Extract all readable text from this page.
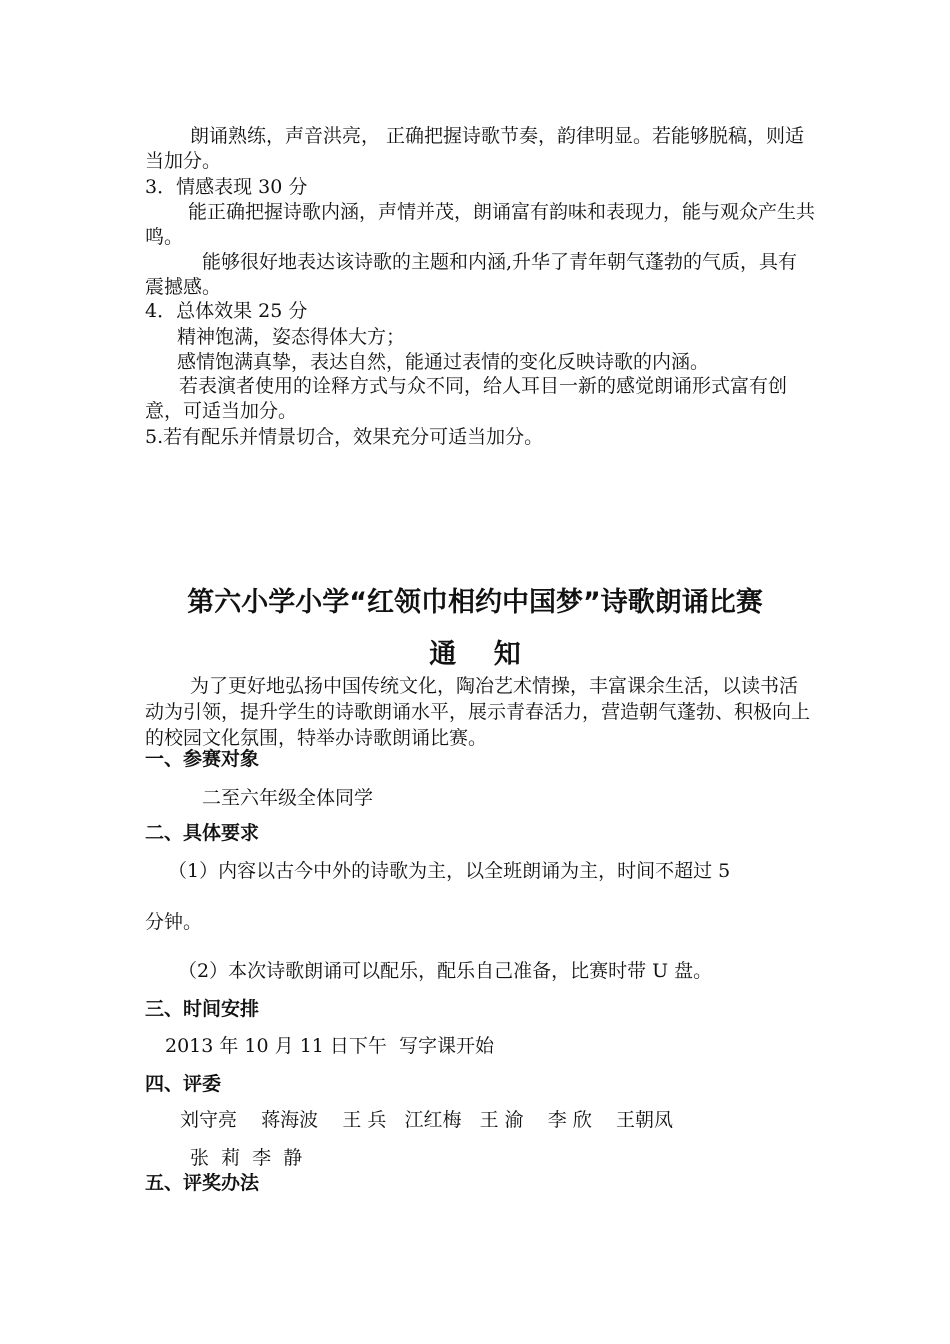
朗诵熟练，声音洪亮， 正确把握诗歌节奏，韵律明显。若能够脱稿，则适当加分。
3．情感表现 30 分
能正确把握诗歌内涵，声情并茂，朗诵富有韵味和表现力，能与观众产生共鸣。
能够很好地表达该诗歌的主题和内涵,升华了青年朝气蓬勃的气质，具有震撼感。
4．总体效果 25 分
精神饱满，姿态得体大方；
感情饱满真挚，表达自然，能通过表情的变化反映诗歌的内涵。
若表演者使用的诠释方式与众不同，给人耳目一新的感觉朗诵形式富有创意，可适当加分。
5.若有配乐并情景切合，效果充分可适当加分。
第六小学小学“红领巾相约中国梦”诗歌朗诵比赛
通    知
为了更好地弘扬中国传统文化，陶冶艺术情操，丰富课余生活，以读书活动为引领，提升学生的诗歌朗诵水平，展示青春活力，营造朝气蓬勃、积极向上的校园文化氛围，特举办诗歌朗诵比赛。
一、参赛对象
二至六年级全体同学
二、具体要求
（1）内容以古今中外的诗歌为主，以全班朗诵为主，时间不超过 5
分钟。
（2）本次诗歌朗诵可以配乐，配乐自己准备，比赛时带 U 盘。
三、时间安排
2013 年 10 月 11 日下午  写字课开始
四、评委
刘守亮    蒋海波    王 兵   江红梅   王 渝    李 欣    王朝凤
张  莉  李  静
五、评奖办法
